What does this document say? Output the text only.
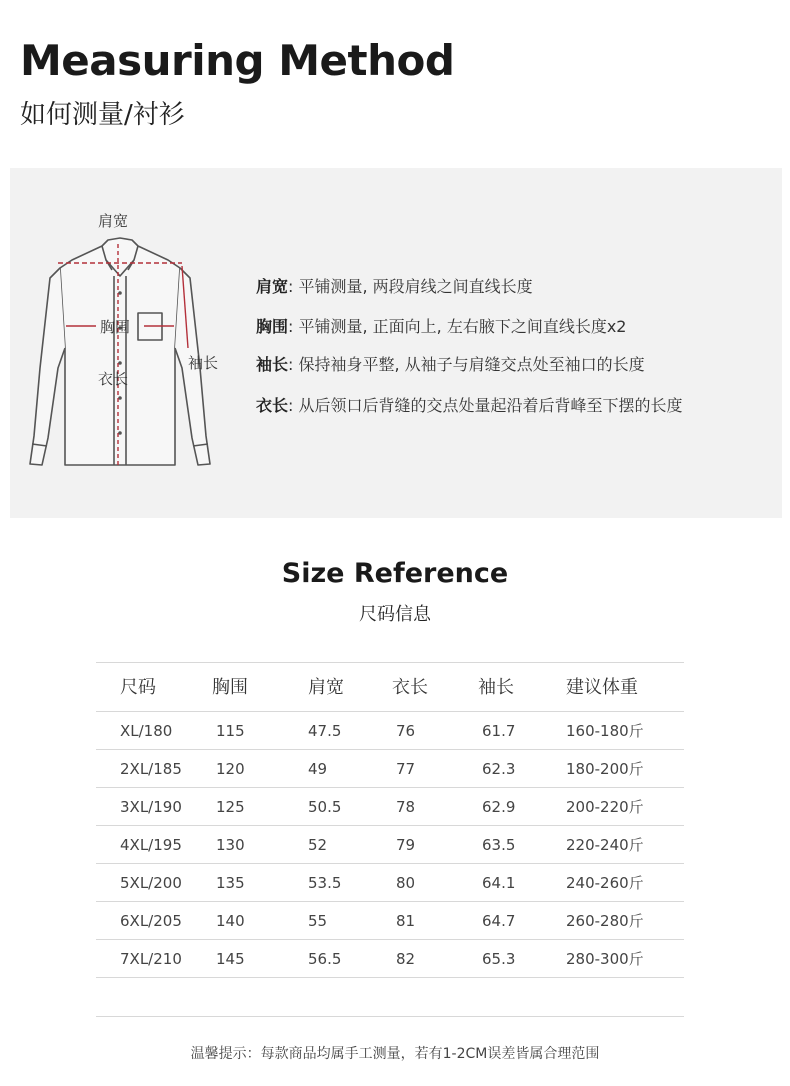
Measuring Method
如何测量/衬衫
肩宽
胸围
衣长
袖长
肩宽: 平铺测量, 两段肩线之间直线长度
胸围: 平铺测量, 正面向上, 左右腋下之间直线长度x2
袖长: 保持袖身平整, 从袖子与肩缝交点处至袖口的长度
衣长: 从后领口后背缝的交点处量起沿着后背峰至下摆的长度
Size Reference
尺码信息
尺码	胸围	肩宽	衣长	袖长	建议体重
XL/180	115	47.5	76	61.7	160-180斤
2XL/185 120	49	77	62.3	180-200斤
3XL/190 125	50.5	78	62.9	200-220斤
4XL/195 130	52	79	63.5	220-240斤
5XL/200 135	53.5	80	64.1	240-260斤
6XL/205 140	55	81	64.7	260-280斤
7XL/210 145	56.5	82	65.3	280-300斤
温馨提示：每款商品均属手工测量，若有1-2CM误差皆属合理范围
